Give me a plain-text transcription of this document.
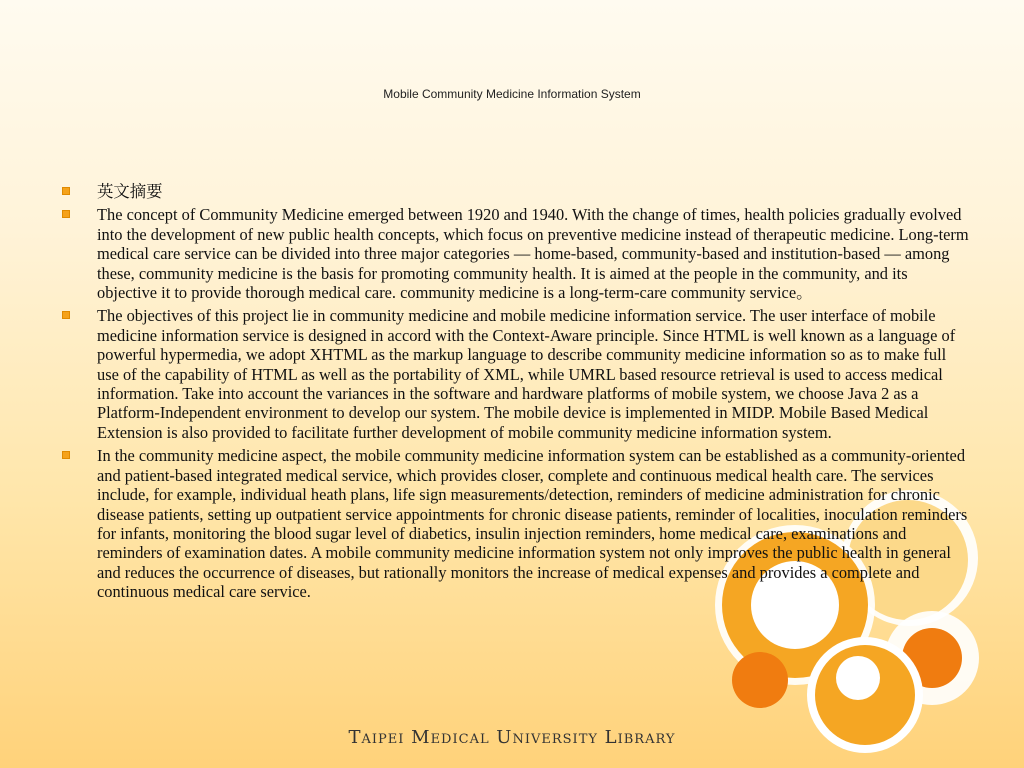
Mobile Community Medicine Information System
英文摘要
The concept of Community Medicine emerged between 1920 and 1940. With the change of times, health policies gradually evolved into the development of new public health concepts, which focus on preventive medicine instead of therapeutic medicine. Long-term medical care service can be divided into three major categories — home-based, community-based and institution-based — among these, community medicine is the basis for promoting community health. It is aimed at the people in the community, and its objective it to provide thorough medical care. community medicine is a long-term-care community service。
The objectives of this project lie in community medicine and mobile medicine information service. The user interface of mobile medicine information service is designed in accord with the Context-Aware principle. Since HTML is well known as a language of powerful hypermedia, we adopt XHTML as the markup language to describe community medicine information so as to make full use of the capability of HTML as well as the portability of XML, while UMRL based resource retrieval is used to access medical information. Take into account the variances in the software and hardware platforms of mobile system, we choose Java 2 as a Platform-Independent environment to develop our system. The mobile device is implemented in MIDP. Mobile Based Medical Extension is also provided to facilitate further development of mobile community medicine information system.
In the community medicine aspect, the mobile community medicine information system can be established as a community-oriented and patient-based integrated medical service, which provides closer, complete and continuous medical health care. The services include, for example, individual heath plans, life sign measurements/detection, reminders of medicine administration for chronic disease patients, setting up outpatient service appointments for chronic disease patients, reminder of localities, inoculation reminders for infants, monitoring the blood sugar level of diabetics, insulin injection reminders, home medical care, examinations and reminders of examination dates. A mobile community medicine information system not only improves the public health in general and reduces the occurrence of diseases, but rationally monitors the increase of medical expenses and provides a complete and continuous medical care service.
Taipei Medical University Library
